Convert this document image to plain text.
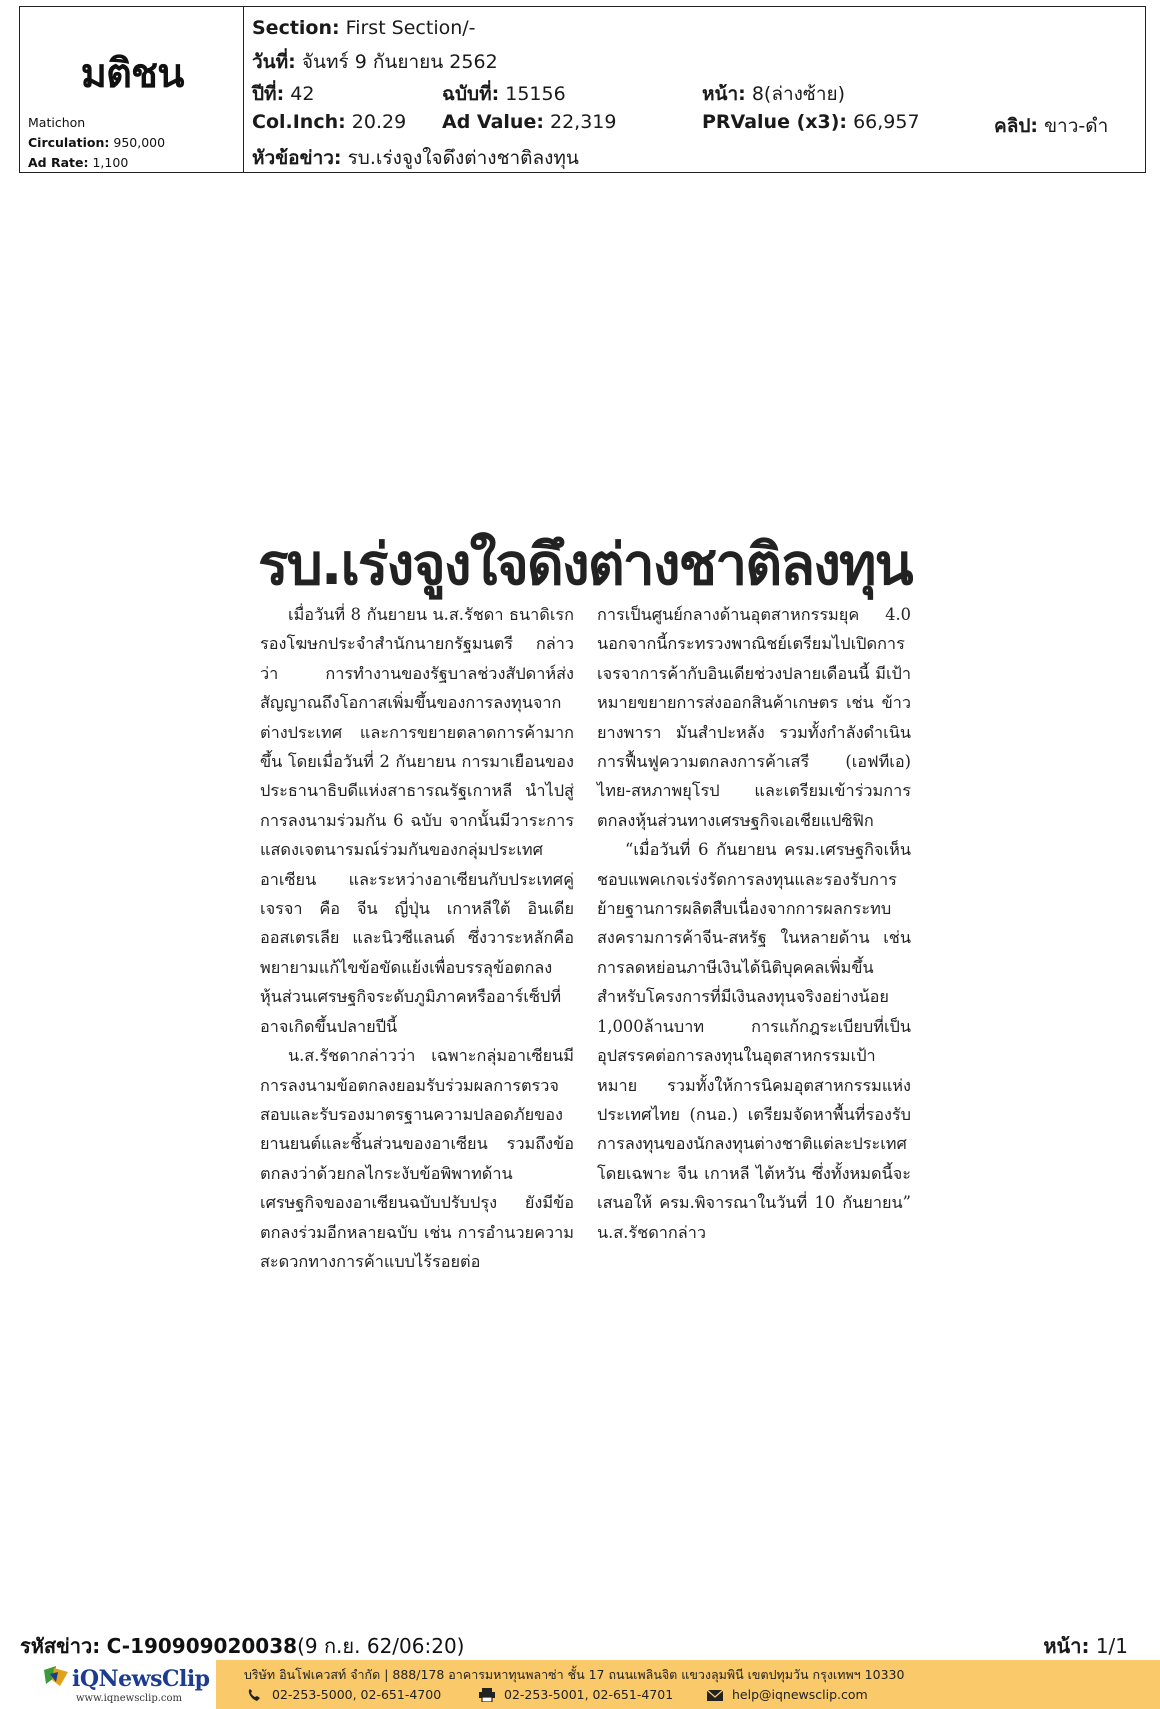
มติชน
Matichon
Circulation: 950,000
Ad Rate: 1,100
Section: First Section/-
วันที่: จันทร์ 9 กันยายน 2562
ปีที่: 42	ฉบับที่: 15156	หน้า: 8(ล่างซ้าย)
Col.Inch: 20.29 Ad Value: 22,319	PRValue (x3): 66,957	คลิป: ขาว-ดำ
หัวข้อข่าว: รบ.เร่งจูงใจดึงต่างชาติลงทุน
รบ.เร่งจูงใจดึงต่างชาติลงทุน

เมื่อวันที่ 8 กันยายน น.ส.รัชดา ธนาดิเรก รองโฆษกประจำสำนักนายกรัฐมนตรี กล่าวว่า การทำงานของรัฐบาลช่วงสัปดาห์ส่งสัญญาณถึงโอกาสเพิ่มขึ้นของการลงทุนจากต่างประเทศ และการขยายตลาดการค้ามากขึ้น โดยเมื่อวันที่ 2 กันยายน การมาเยือนของประธานาธิบดีแห่งสาธารณรัฐเกาหลี นำไปสู่การลงนามร่วมกัน 6 ฉบับ จากนั้นมีวาระการแสดงเจตนารมณ์ร่วมกันของกลุ่มประเทศอาเซียน และระหว่างอาเซียนกับประเทศคู่เจรจา คือ จีน ญี่ปุ่น เกาหลีใต้ อินเดีย ออสเตรเลีย และนิวซีแลนด์ ซึ่งวาระหลักคือพยายามแก้ไขข้อขัดแย้งเพื่อบรรลุข้อตกลงหุ้นส่วนเศรษฐกิจระดับภูมิภาคหรืออาร์เซ็ปที่อาจเกิดขึ้นปลายปีนี้

น.ส.รัชดากล่าวว่า เฉพาะกลุ่มอาเซียนมีการลงนามข้อตกลงยอมรับร่วมผลการตรวจสอบและรับรองมาตรฐานความปลอดภัยของยานยนต์และชิ้นส่วนของอาเซียน รวมถึงข้อตกลงว่าด้วยกลไกระงับข้อพิพาทด้านเศรษฐกิจของอาเซียนฉบับปรับปรุง ยังมีข้อตกลงร่วมอีกหลายฉบับ เช่น การอำนวยความสะดวกทางการค้าแบบไร้รอยต่อ

การเป็นศูนย์กลางด้านอุตสาหกรรมยุค 4.0 นอกจากนี้กระทรวงพาณิชย์เตรียมไปเปิดการเจรจาการค้ากับอินเดียช่วงปลายเดือนนี้ มีเป้าหมายขยายการส่งออกสินค้าเกษตร เช่น ข้าว ยางพารา มันสำปะหลัง รวมทั้งกำลังดำเนินการฟื้นฟูความตกลงการค้าเสรี (เอฟทีเอ) ไทย-สหภาพยุโรป และเตรียมเข้าร่วมการตกลงหุ้นส่วนทางเศรษฐกิจเอเชียแปซิฟิก

“เมื่อวันที่ 6 กันยายน ครม.เศรษฐกิจเห็นชอบแพคเกจเร่งรัดการลงทุนและรองรับการย้ายฐานการผลิตสืบเนื่องจากการผลกระทบสงครามการค้าจีน-สหรัฐ ในหลายด้าน เช่น การลดหย่อนภาษีเงินได้นิติบุคคลเพิ่มขึ้นสำหรับโครงการที่มีเงินลงทุนจริงอย่างน้อย 1,000ล้านบาท การแก้กฎระเบียบที่เป็นอุปสรรคต่อการลงทุนในอุตสาหกรรมเป้าหมาย รวมทั้งให้การนิคมอุตสาหกรรมแห่งประเทศไทย (กนอ.) เตรียมจัดหาพื้นที่รองรับการลงทุนของนักลงทุนต่างชาติแต่ละประเทศ โดยเฉพาะ จีน เกาหลี ไต้หวัน ซึ่งทั้งหมดนี้จะเสนอให้ ครม.พิจารณาในวันที่ 10 กันยายน” น.ส.รัชดากล่าว

รหัสข่าว: C-190909020038(9 ก.ย. 62/06:20)	หน้า: 1/1
iQNewsClip
www.iqnewsclip.com
บริษัท อินโฟเควสท์ จำกัด | 888/178 อาคารมหาทุนพลาซ่า ชั้น 17 ถนนเพลินจิต แขวงลุมพินี เขตปทุมวัน กรุงเทพฯ 10330
02-253-5000, 02-651-4700	02-253-5001, 02-651-4701	help@iqnewsclip.com
